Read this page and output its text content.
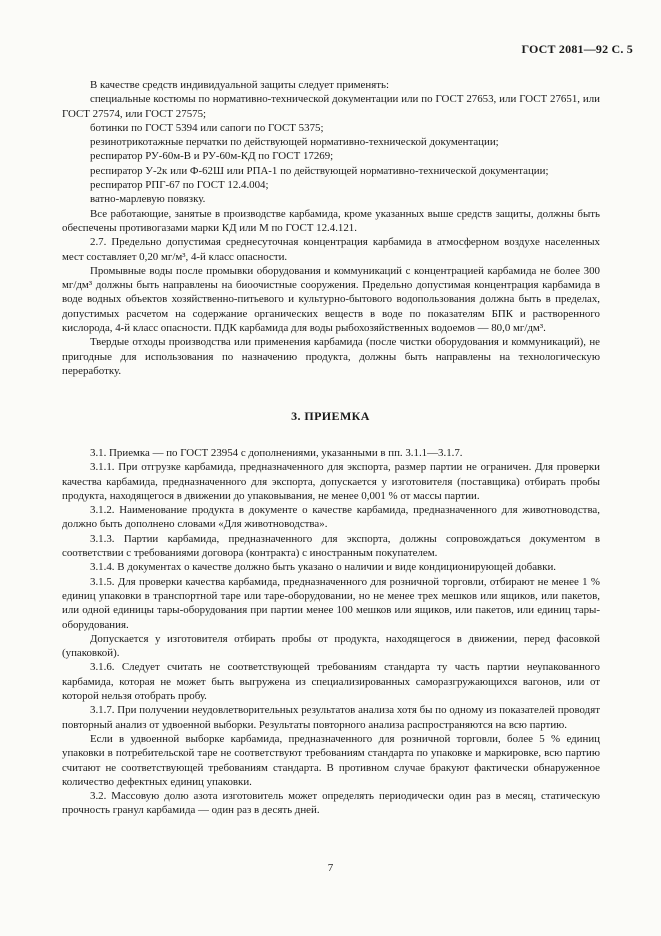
ГОСТ 2081—92 С. 5

В качестве средств индивидуальной защиты следует применять:

специальные костюмы по нормативно-технической документации или по ГОСТ 27653, или ГОСТ 27651, или ГОСТ 27574, или ГОСТ 27575;

ботинки по ГОСТ 5394 или сапоги по ГОСТ 5375;

резинотрикотажные перчатки по действующей нормативно-технической документации;

респиратор РУ-60м-В и РУ-60м-КД по ГОСТ 17269;

респиратор У-2к или Ф-62Ш или РПА-1 по действующей нормативно-технической документации;

респиратор РПГ-67 по ГОСТ 12.4.004;

ватно-марлевую повязку.

Все работающие, занятые в производстве карбамида, кроме указанных выше средств защиты, должны быть обеспечены противогазами марки КД или М по ГОСТ 12.4.121.

2.7. Предельно допустимая среднесуточная концентрация карбамида в атмосферном воздухе населенных мест составляет 0,20 мг/м³, 4-й класс опасности.

Промывные воды после промывки оборудования и коммуникаций с концентрацией карбамида не более 300 мг/дм³ должны быть направлены на биоочистные сооружения. Предельно допустимая концентрация карбамида в воде водных объектов хозяйственно-питьевого и культурно-бытового водопользования должна быть в пределах, допустимых расчетом на содержание органических веществ в воде по показателям БПК и растворенного кислорода, 4-й класс опасности. ПДК карбамида для воды рыбохозяйственных водоемов — 80,0 мг/дм³.

Твердые отходы производства или применения карбамида (после чистки оборудования и коммуникаций), не пригодные для использования по назначению продукта, должны быть направлены на технологическую переработку.

3. ПРИЕМКА

3.1. Приемка — по ГОСТ 23954 с дополнениями, указанными в пп. 3.1.1—3.1.7.

3.1.1. При отгрузке карбамида, предназначенного для экспорта, размер партии не ограничен. Для проверки качества карбамида, предназначенного для экспорта, допускается у изготовителя (поставщика) отбирать пробы продукта, находящегося в движении до упаковывания, не менее 0,001 % от массы партии.

3.1.2. Наименование продукта в документе о качестве карбамида, предназначенного для животноводства, должно быть дополнено словами «Для животноводства».

3.1.3. Партии карбамида, предназначенного для экспорта, должны сопровождаться документом в соответствии с требованиями договора (контракта) с иностранным покупателем.

3.1.4. В документах о качестве должно быть указано о наличии и виде кондиционирующей добавки.

3.1.5. Для проверки качества карбамида, предназначенного для розничной торговли, отбирают не менее 1 % единиц упаковки в транспортной таре или таре-оборудовании, но не менее трех мешков или ящиков, или пакетов, или одной единицы тары-оборудования при партии менее 100 мешков или ящиков, или пакетов, или единиц тары-оборудования.

Допускается у изготовителя отбирать пробы от продукта, находящегося в движении, перед фасовкой (упаковкой).

3.1.6. Следует считать не соответствующей требованиям стандарта ту часть партии неупакованного карбамида, которая не может быть выгружена из специализированных саморазгружающихся вагонов, или от которой нельзя отобрать пробу.

3.1.7. При получении неудовлетворительных результатов анализа хотя бы по одному из показателей проводят повторный анализ от удвоенной выборки. Результаты повторного анализа распространяются на всю партию.

Если в удвоенной выборке карбамида, предназначенного для розничной торговли, более 5 % единиц упаковки в потребительской таре не соответствуют требованиям стандарта по упаковке и маркировке, всю партию считают не соответствующей требованиям стандарта. В противном случае бракуют фактически обнаруженное количество дефектных единиц упаковки.

3.2. Массовую долю азота изготовитель может определять периодически один раз в месяц, статическую прочность гранул карбамида — один раз в десять дней.

7
